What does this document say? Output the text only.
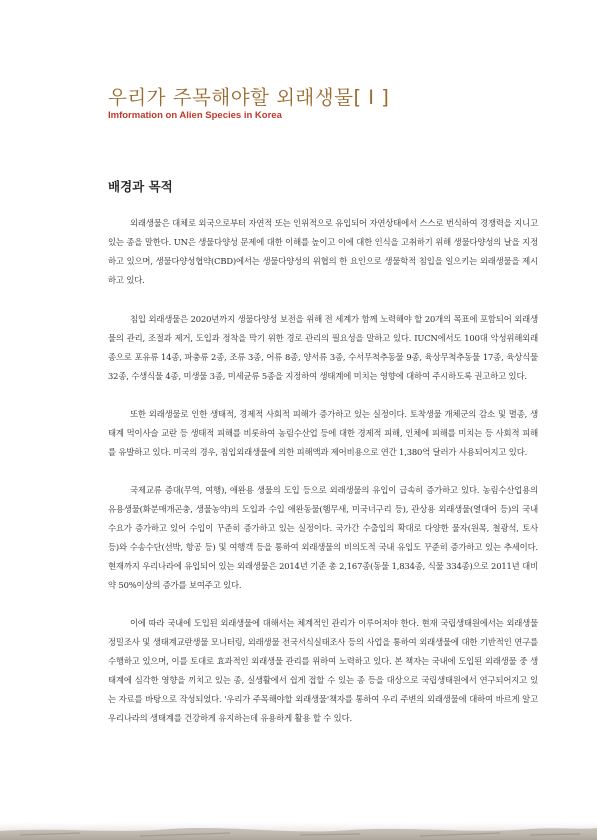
우리가 주목해야할 외래생물[ I ]
Imformation on Alien Species in Korea
배경과 목적

외래생물은 대체로 외국으로부터 자연적 또는 인위적으로 유입되어 자연상태에서 스스로 번식하여 경쟁력을 지니고 있는 종을 말한다. UN은 생물다양성 문제에 대한 이해를 높이고 이에 대한 인식을 고취하기 위해 생물다양성의 날을 지정하고 있으며, 생물다양성협약(CBD)에서는 생물다양성의 위협의 한 요인으로 생물학적 침입을 일으키는 외래생물을 제시하고 있다.

침입 외래생물은 2020년까지 생물다양성 보전을 위해 전 세계가 함께 노력해야 할 20개의 목표에 포함되어 외래생물의 관리, 조절과 제거, 도입과 정착을 막기 위한 경로 관리의 필요성을 말하고 있다. IUCN에서도 100대 악성위해외래종으로 포유류 14종, 파충류 2종, 조류 3종, 어류 8종, 양서류 3종, 수서무척추동물 9종, 육상무척추동물 17종, 육상식물 32종, 수생식물 4종, 미생물 3종, 미세균류 5종을 지정하여 생태계에 미치는 영향에 대하여 주시하도록 권고하고 있다.

또한 외래생물로 인한 생태적, 경제적 사회적 피해가 증가하고 있는 실정이다. 토착생물 개체군의 감소 및 멸종, 생태계 먹이사슬 교란 등 생태적 피해를 비롯하여 농림수산업 등에 대한 경제적 피해, 인체에 피해를 미치는 등 사회적 피해를 유발하고 있다. 미국의 경우, 침입외래생물에 의한 피해액과 제어비용으로 연간 1,380억 달러가 사용되어지고 있다.

국제교류 증대(무역, 여행), 애완용 생물의 도입 등으로 외래생물의 유입이 급속히 증가하고 있다. 농림수산업용의 유용생물(화분매개곤충, 생물농약)의 도입과 수입 애완동물(햄무새, 미국너구리 등), 관상용 외래생물(열대어 등)의 국내 수요가 증가하고 있어 수입이 꾸준히 증가하고 있는 실정이다. 국가간 수출입의 확대로 다양한 물자(원목, 철광석, 토사 등)와 수송수단(선박, 항공 등) 및 여행객 등을 통하여 외래생물의 비의도적 국내 유입도 꾸준히 증가하고 있는 추세이다. 현재까지 우리나라에 유입되어 있는 외래생물은 2014년 기준 총 2,167종(동물 1,834종, 식물 334종)으로 2011년 대비 약 50%이상의 증가를 보여주고 있다.

이에 따라 국내에 도입된 외래생물에 대해서는 체계적인 관리가 이루어져야 한다. 현재 국립생태원에서는 외래생물 정밀조사 및 생태계교란생물 모니터링, 외래생물 전국서식실태조사 등의 사업을 통하여 외래생물에 대한 기반적인 연구를 수행하고 있으며, 이를 토대로 효과적인 외래생물 관리를 위하여 노력하고 있다. 본 책자는 국내에 도입된 외래생물 중 생태계에 심각한 영향을 끼치고 있는 종, 실생활에서 쉽게 접할 수 있는 종 등을 대상으로 국립생태원에서 연구되어지고 있는 자료를 바탕으로 작성되었다. '우리가 주목해야할 외래생물'책자를 통하여 우리 주변의 외래생물에 대하여 바르게 알고 우리나라의 생태계를 건강하게 유지하는데 유용하게 활용 할 수 있다.
